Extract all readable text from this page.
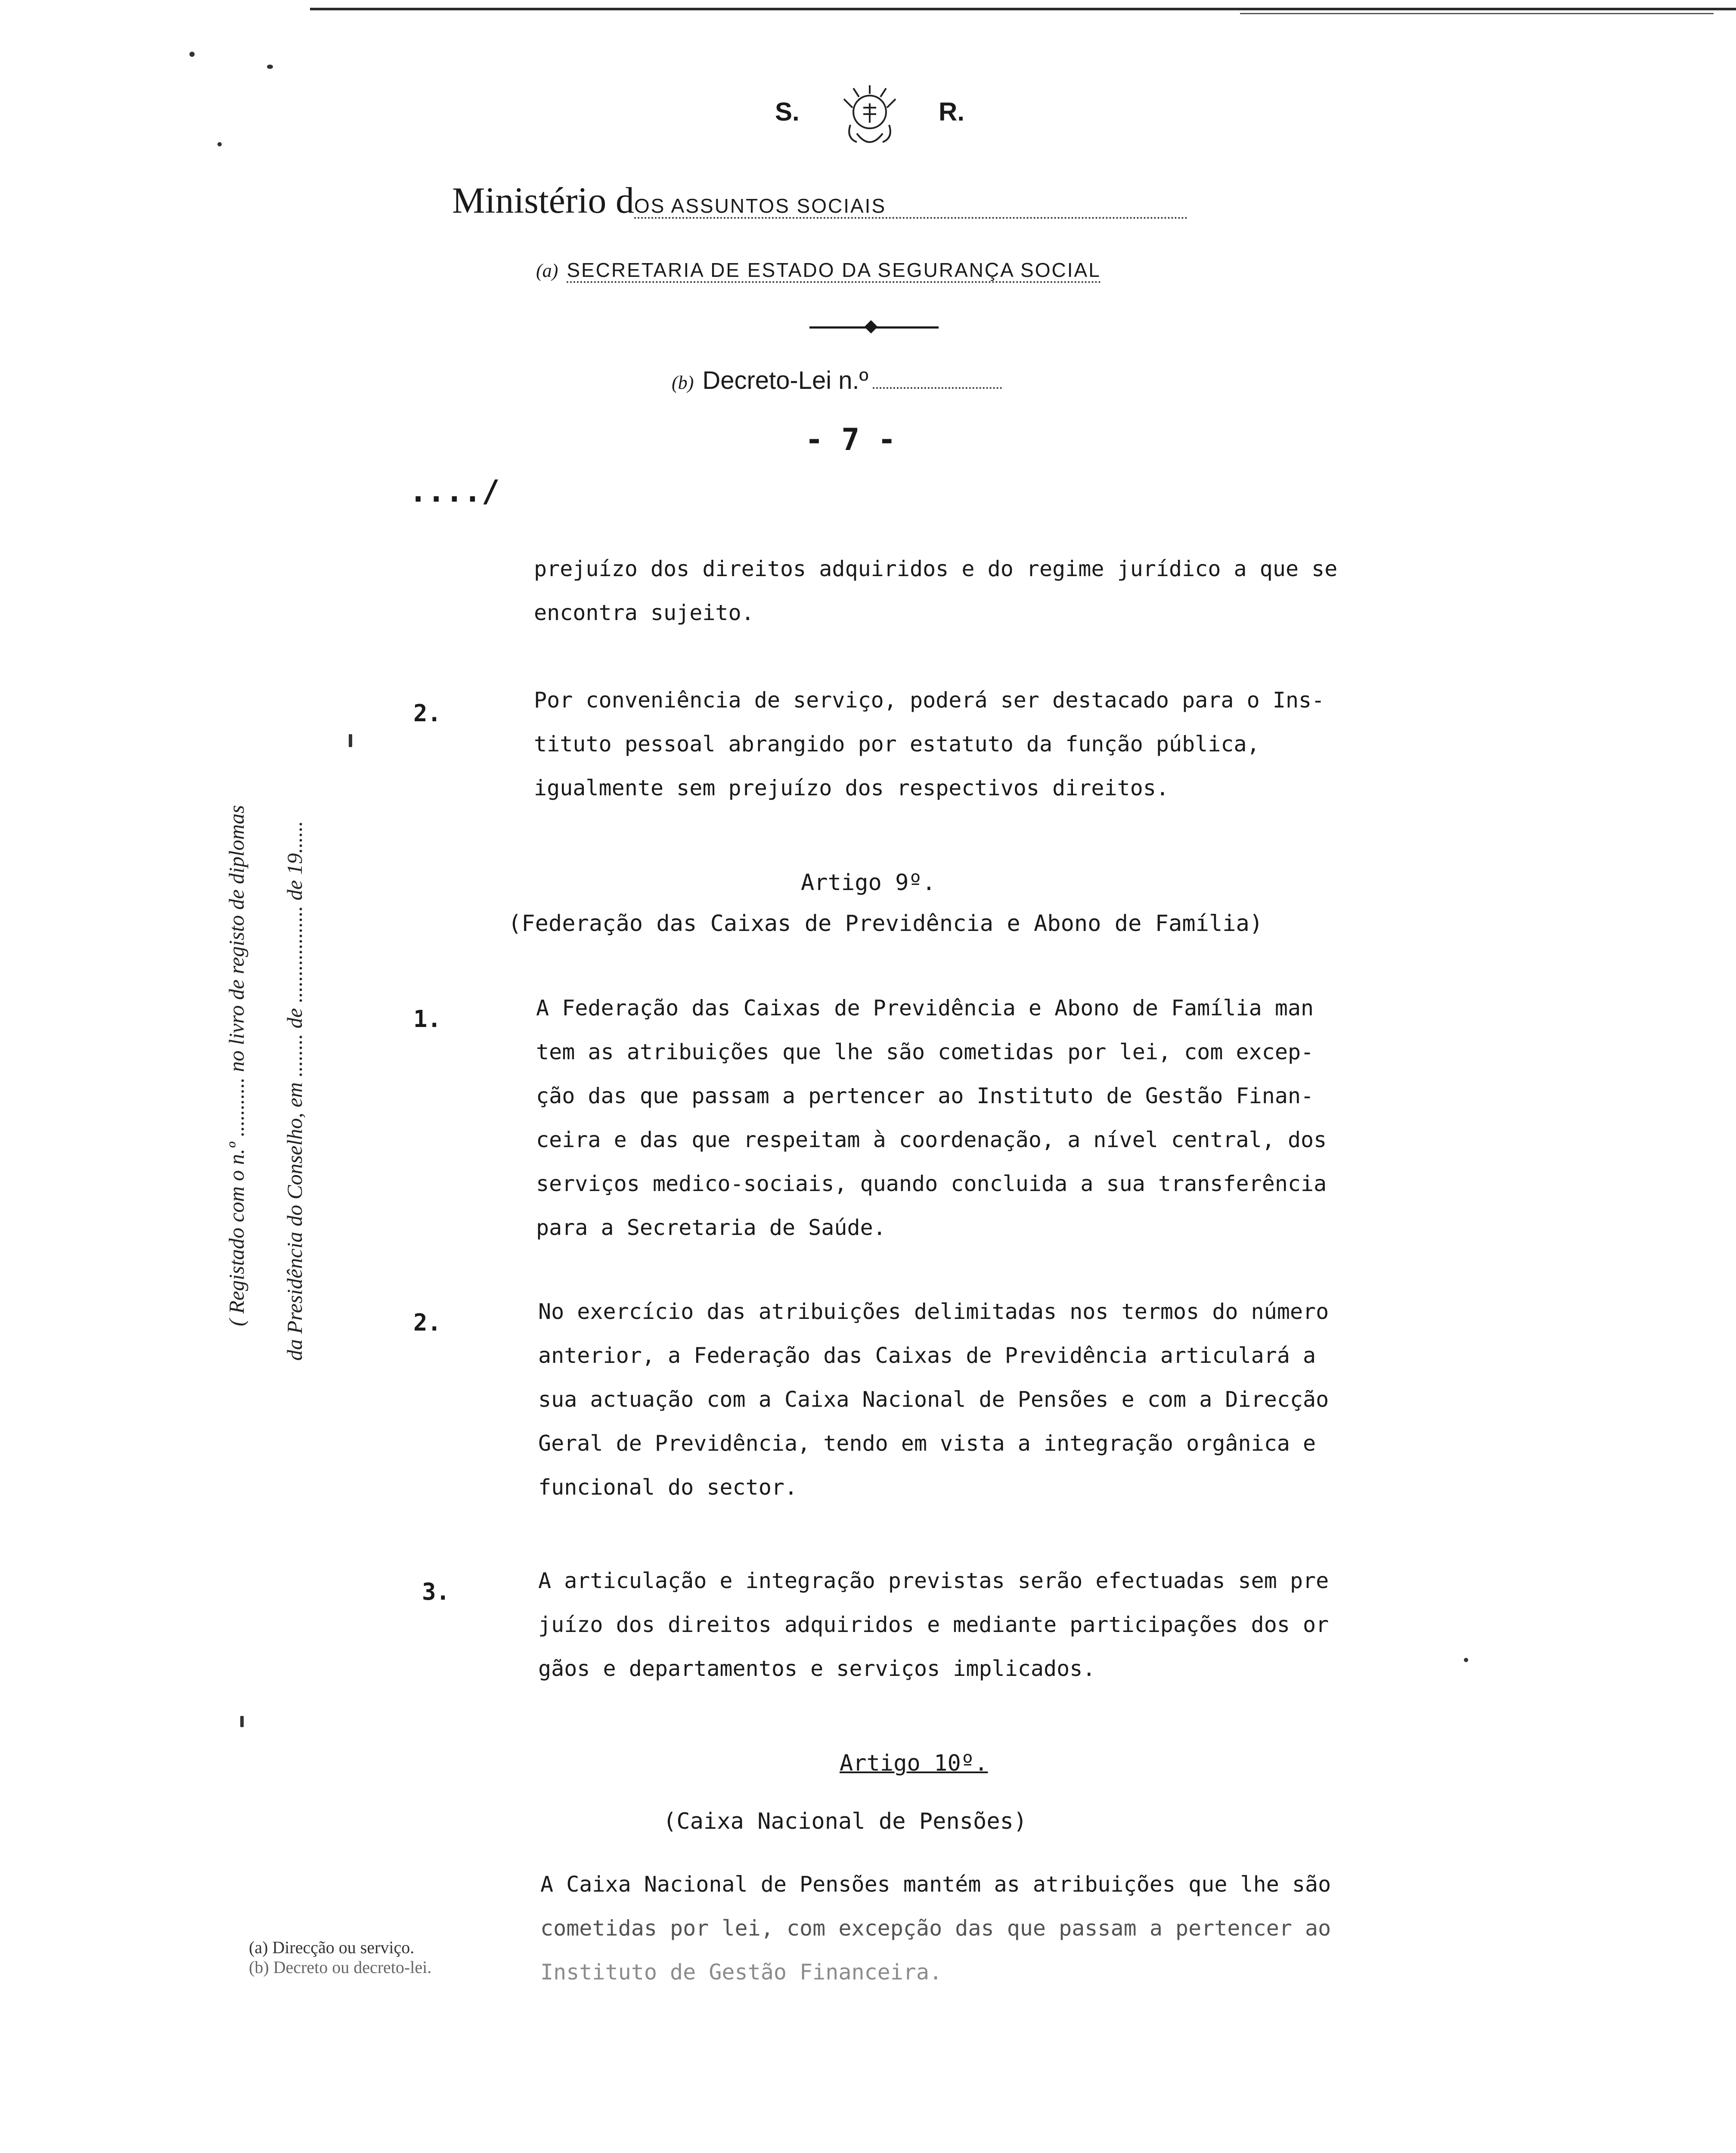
S.	R.
Ministério dOS ASSUNTOS SOCIAIS
(a) SECRETARIA DE ESTADO DA SEGURANÇA SOCIAL
(b) Decreto-Lei n.º
- 7 -
..../
( Registado com o n.º ........... no livro de registo de diplomas da Presidência do Conselho, em ........ de .................. de 19......
prejuízo dos direitos adquiridos e do regime jurídico a que se
encontra sujeito.
2.	Por conveniência de serviço, poderá ser destacado para o Ins-
tituto pessoal abrangido por estatuto da função pública,
igualmente sem prejuízo dos respectivos direitos.
Artigo 9º.
(Federação das Caixas de Previdência e Abono de Família)
1.	A Federação das Caixas de Previdência e Abono de Família man
tem as atribuições que lhe são cometidas por lei, com excep-
ção das que passam a pertencer ao Instituto de Gestão Finan-
ceira e das que respeitam à coordenação, a nível central, dos
serviços medico-sociais, quando concluida a sua transferência
para a Secretaria de Saúde.
2.	No exercício das atribuições delimitadas nos termos do número
anterior, a Federação das Caixas de Previdência articulará a
sua actuação com a Caixa Nacional de Pensões e com a Direcção
Geral de Previdência, tendo em vista a integração orgânica e
funcional do sector.
3.	A articulação e integração previstas serão efectuadas sem pre
juízo dos direitos adquiridos e mediante participações dos or
gãos e departamentos e serviços implicados.
Artigo 10º.
(Caixa Nacional de Pensões)
A Caixa Nacional de Pensões mantém as atribuições que lhe são
cometidas por lei, com excepção das que passam a pertencer ao
Instituto de Gestão Financeira.
(a) Direcção ou serviço.
(b) Decreto ou decreto-lei.
